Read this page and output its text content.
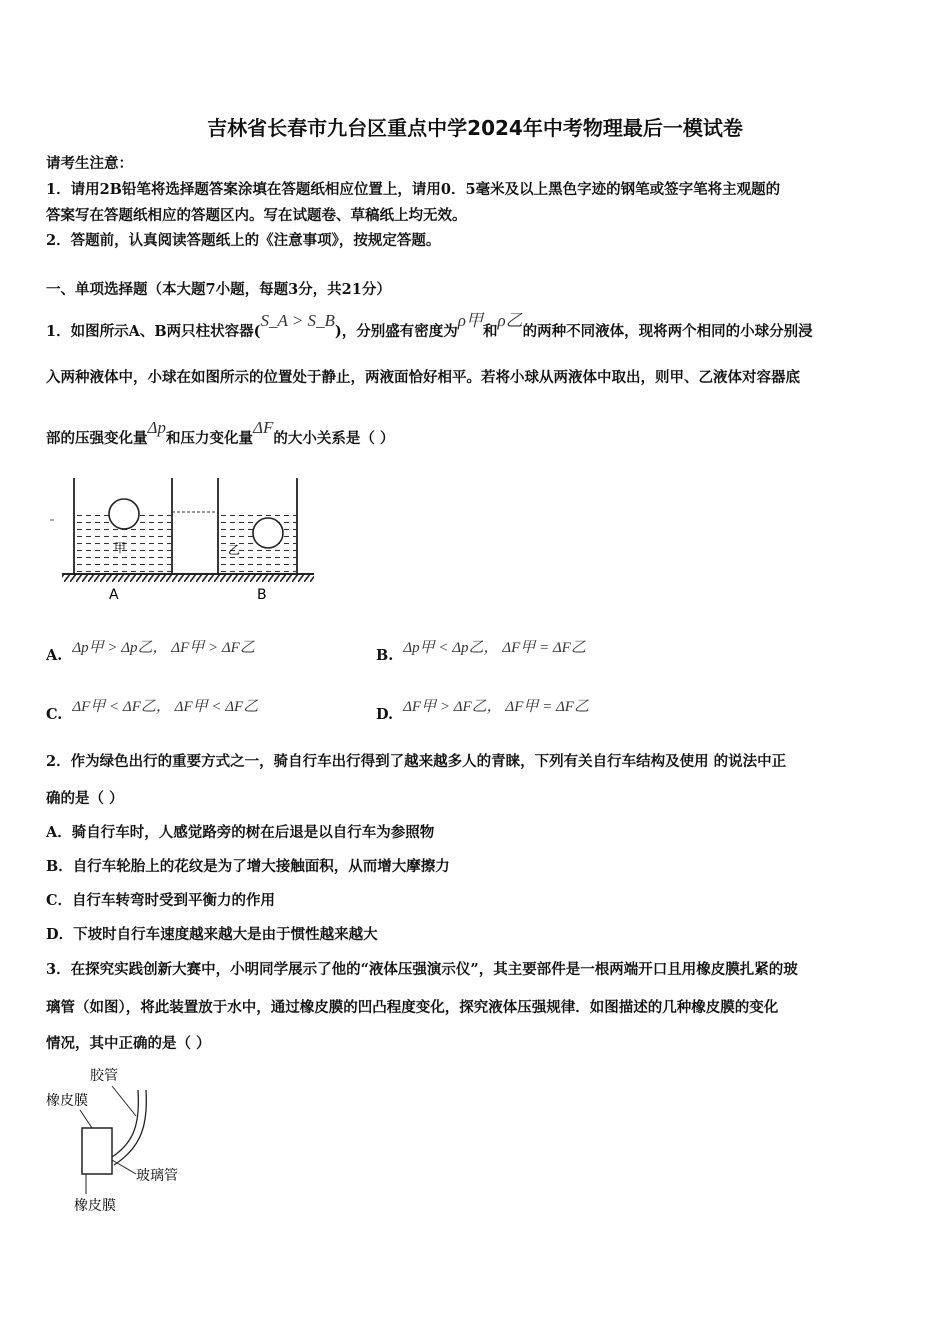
吉林省长春市九台区重点中学2024年中考物理最后一模试卷
请考生注意：
1．请用2B铅笔将选择题答案涂填在答题纸相应位置上，请用0．5毫米及以上黑色字迹的钢笔或签字笔将主观题的
答案写在答题纸相应的答题区内。写在试题卷、草稿纸上均无效。
2．答题前，认真阅读答题纸上的《注意事项》，按规定答题。
一、单项选择题（本大题7小题，每题3分，共21分）
1．如图所示A、B两只柱状容器(S_A > S_B)，分别盛有密度为ρ甲和ρ乙的两种不同液体，现将两个相同的小球分别浸
入两种液体中，小球在如图所示的位置处于静止，两液面恰好相平。若将小球从两液体中取出，则甲、乙液体对容器底
部的压强变化量Δp和压力变化量ΔF的大小关系是（ ）
甲	乙
A	B
A. Δp甲 > Δp乙， ΔF甲 > ΔF乙	B. Δp甲 < Δp乙， ΔF甲 = ΔF乙
C. ΔF甲 < ΔF乙， ΔF甲 < ΔF乙	D. ΔF甲 > ΔF乙， ΔF甲 = ΔF乙
2．作为绿色出行的重要方式之一，骑自行车出行得到了越来越多人的青睐，下列有关自行车结构及使用 的说法中正
确的是（ ）
A．骑自行车时，人感觉路旁的树在后退是以自行车为参照物
B．自行车轮胎上的花纹是为了增大接触面积，从而增大摩擦力
C．自行车转弯时受到平衡力的作用
D．下坡时自行车速度越来越大是由于惯性越来越大
3．在探究实践创新大赛中，小明同学展示了他的“液体压强演示仪”，其主要部件是一根两端开口且用橡皮膜扎紧的玻
璃管（如图），将此装置放于水中，通过橡皮膜的凹凸程度变化，探究液体压强规律．如图描述的几种橡皮膜的变化
情况，其中正确的是（ ）
胶管
橡皮膜
玻璃管
橡皮膜
